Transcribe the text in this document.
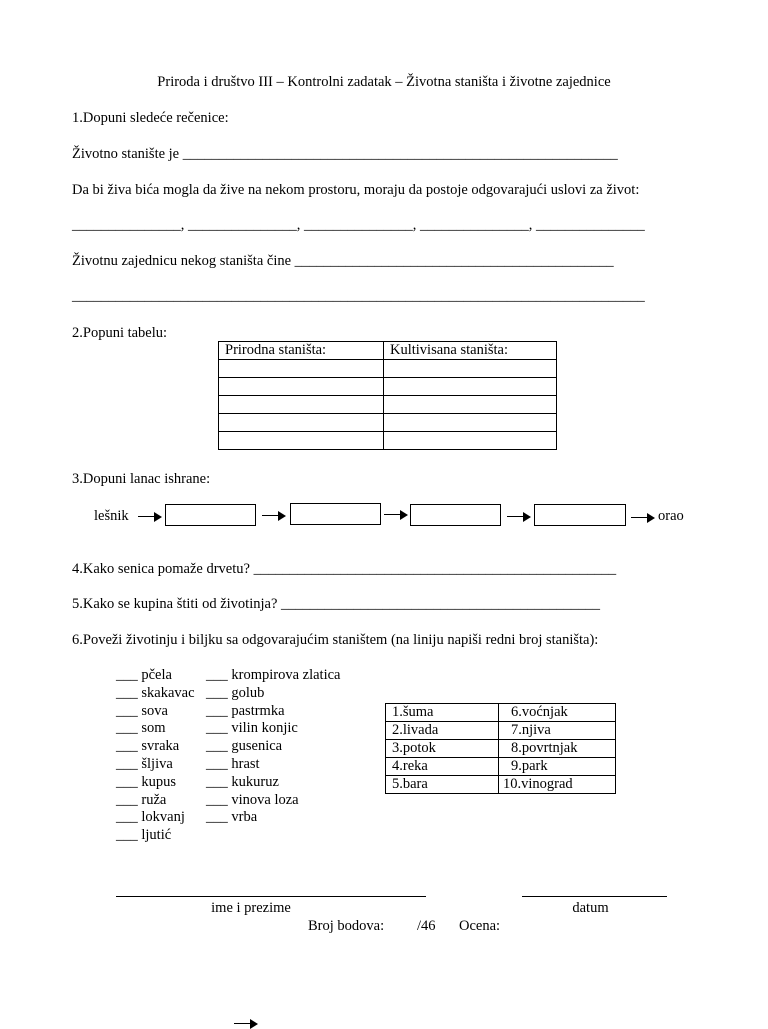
Priroda i društvo III – Kontrolni zadatak – Životna staništa i životne zajednice
1.Dopuni sledeće rečenice:
Životno stanište je ____________________________________________________________
Da bi živa bića mogla da žive na nekom prostoru, moraju da postoje odgovarajući uslovi za život:
_______________, _______________, _______________, _______________, _______________
Životnu zajednicu nekog staništa čine ____________________________________________
_______________________________________________________________________________
2.Popuni tabelu:
Prirodna staništa:	Kultivisana staništa:

3.Dopuni lanac ishrane:
lešnik	orao
4.Kako senica pomaže drvetu? __________________________________________________
5.Kako se kupina štiti od životinja? ____________________________________________
6.Poveži životinju i biljku sa odgovarajućim staništem (na liniju napiši redni broj staništa):
___ pčela
___ skakavac
___ sova
___ som
___ svraka
___ šljiva
___ kupus
___ ruža
___ lokvanj
___ ljutić
___ krompirova zlatica
___ golub
___ pastrmka
___ vilin konjic
___ gusenica
___ hrast
___ kukuruz
___ vinova loza
___ vrba
1.šuma	6.voćnjak
2.livada	7.njiva
3.potok	8.povrtnjak
4.reka	9.park
5.bara	10.vinograd
ime i prezime	datum
Broj bodova: /46 Ocena:
